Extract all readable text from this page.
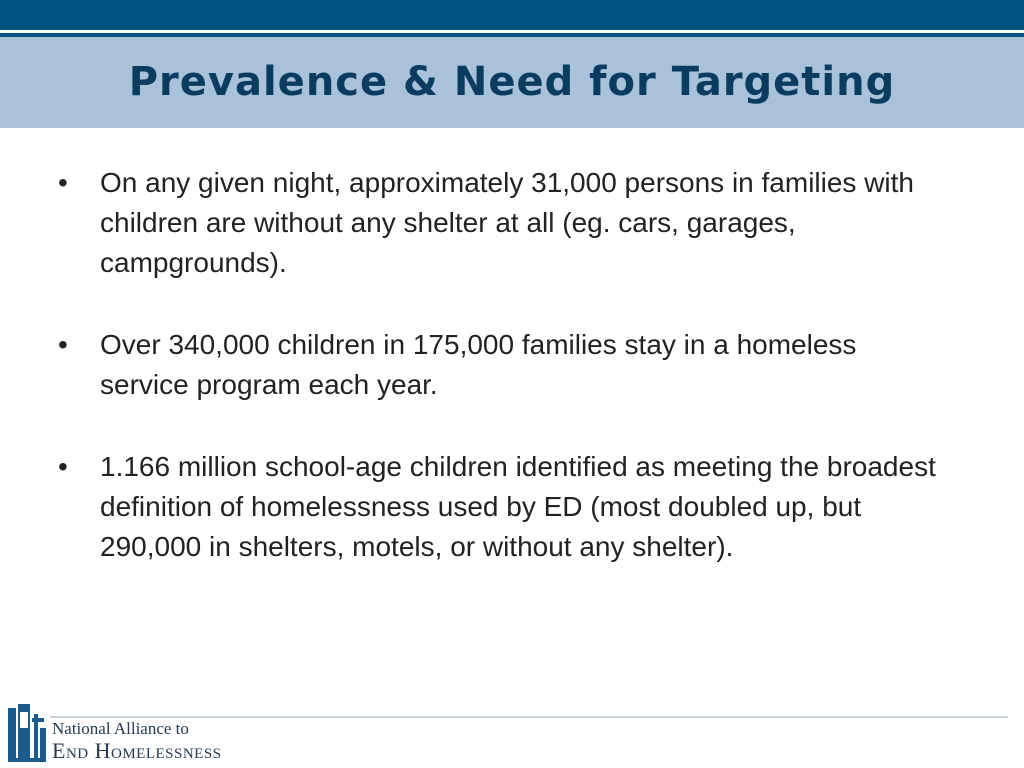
Prevalence & Need for Targeting
•	On any given night, approximately 31,000 persons in families with children are without any shelter at all (eg. cars, garages, campgrounds).
•	Over 340,000 children in 175,000 families stay in a homeless service program each year.
•	1.166 million school-age children identified as meeting the broadest definition of homelessness used by ED (most doubled up, but 290,000 in shelters, motels, or without any shelter).
National Alliance to
End Homelessness
